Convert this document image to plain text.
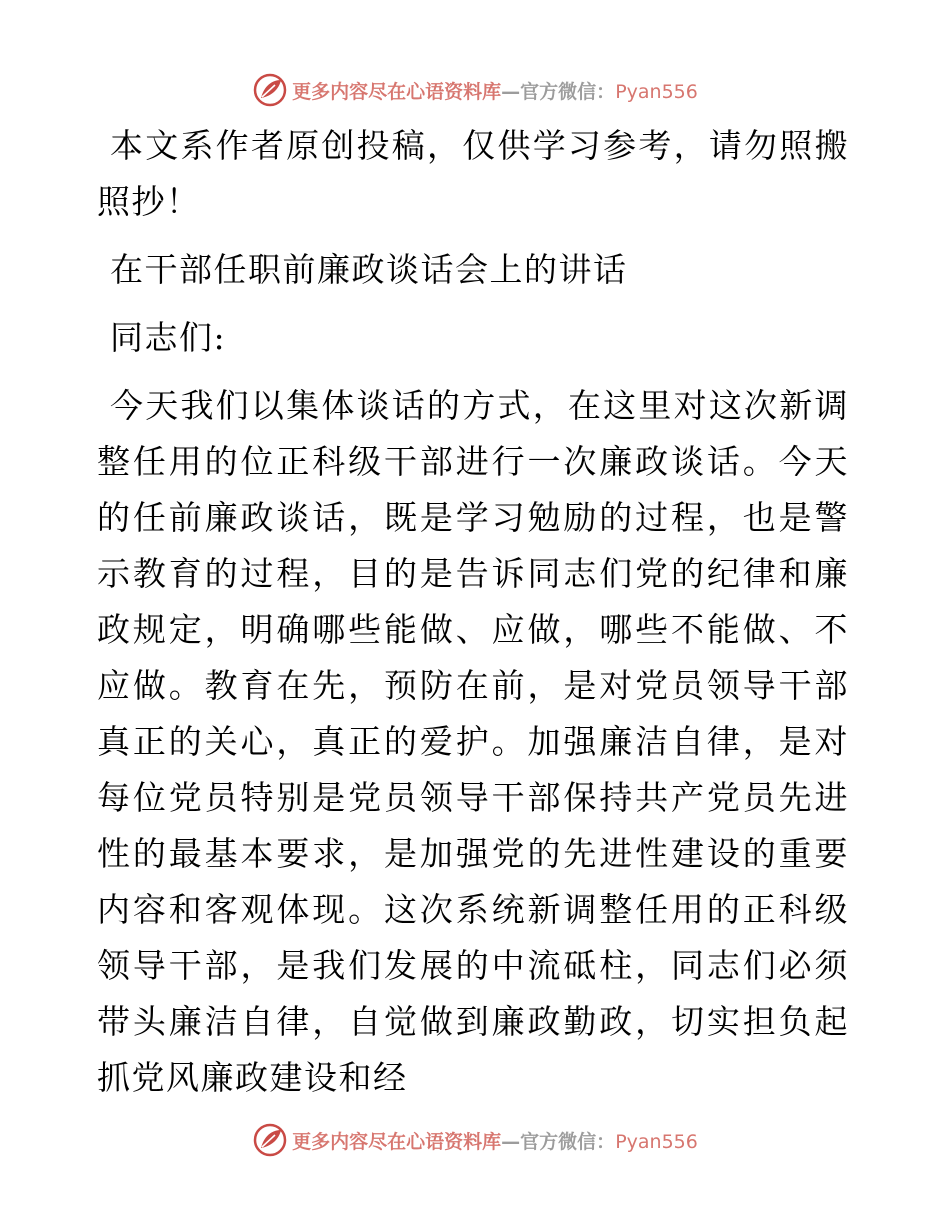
更多内容尽在心语资料库—官方微信：Pyan556

本文系作者原创投稿，仅供学习参考，请勿照搬照抄！

在干部任职前廉政谈话会上的讲话

同志们:

今天我们以集体谈话的方式，在这里对这次新调整任用的位正科级干部进行一次廉政谈话。今天的任前廉政谈话，既是学习勉励的过程，也是警示教育的过程，目的是告诉同志们党的纪律和廉政规定，明确哪些能做、应做，哪些不能做、不应做。教育在先，预防在前，是对党员领导干部真正的关心，真正的爱护。加强廉洁自律，是对每位党员特别是党员领导干部保持共产党员先进性的最基本要求，是加强党的先进性建设的重要内容和客观体现。这次系统新调整任用的正科级领导干部，是我们发展的中流砥柱，同志们必须带头廉洁自律，自觉做到廉政勤政，切实担负起抓党风廉政建设和经

更多内容尽在心语资料库—官方微信：Pyan556
